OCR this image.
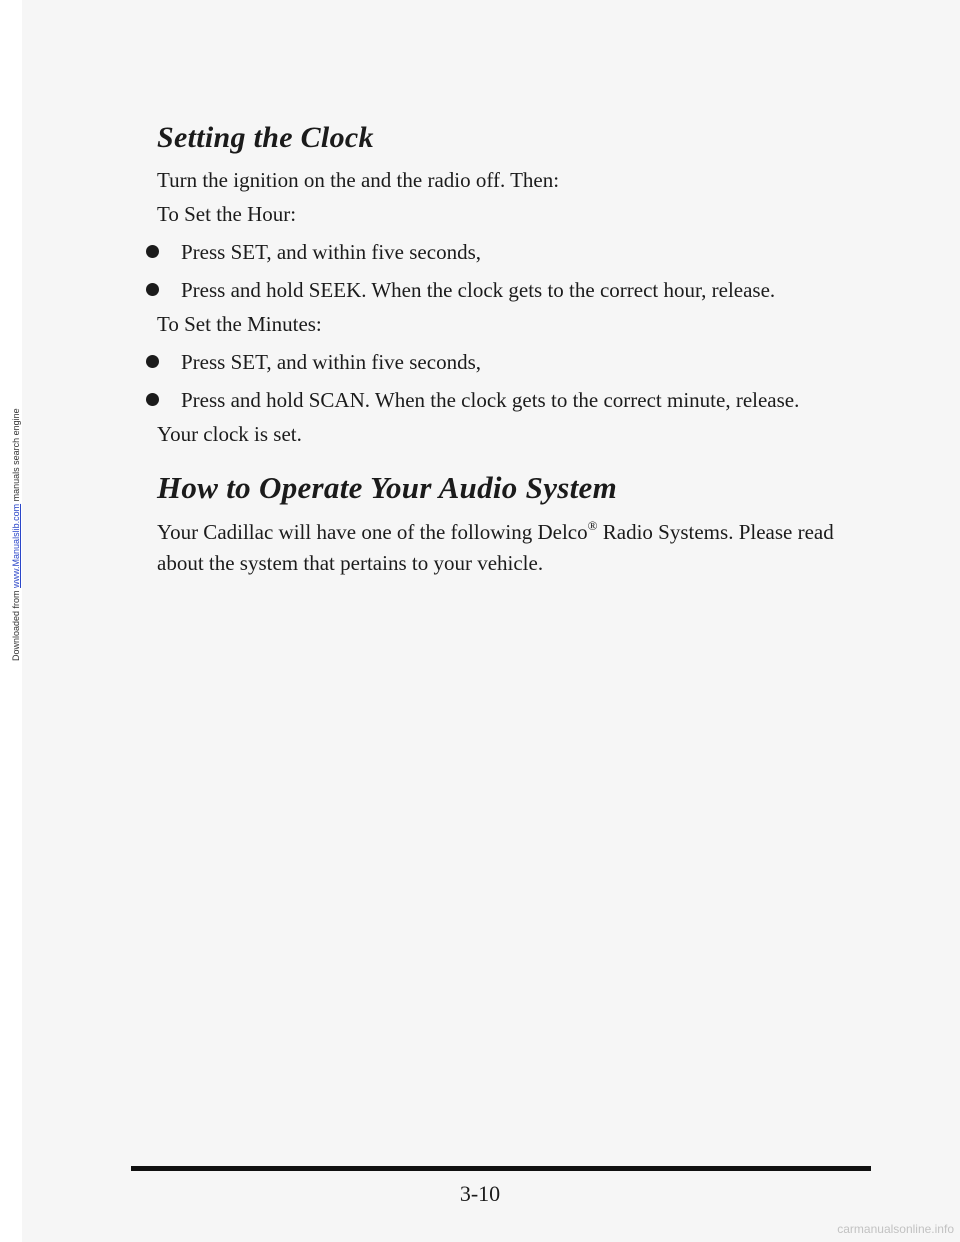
Setting the Clock

Turn the ignition on the and the radio off. Then:

To Set the Hour:

Press SET, and within five seconds,
Press and hold SEEK. When the clock gets to the correct hour, release.

To Set the Minutes:

Press SET, and within five seconds,
Press and hold SCAN. When the clock gets to the correct minute, release.

Your clock is set.

How to Operate Your Audio System

Your Cadillac will have one of the following Delco® Radio Systems. Please read about the system that pertains to your vehicle.

3-10
Downloaded from www.Manualslib.com manuals search engine
carmanualsonline.info
